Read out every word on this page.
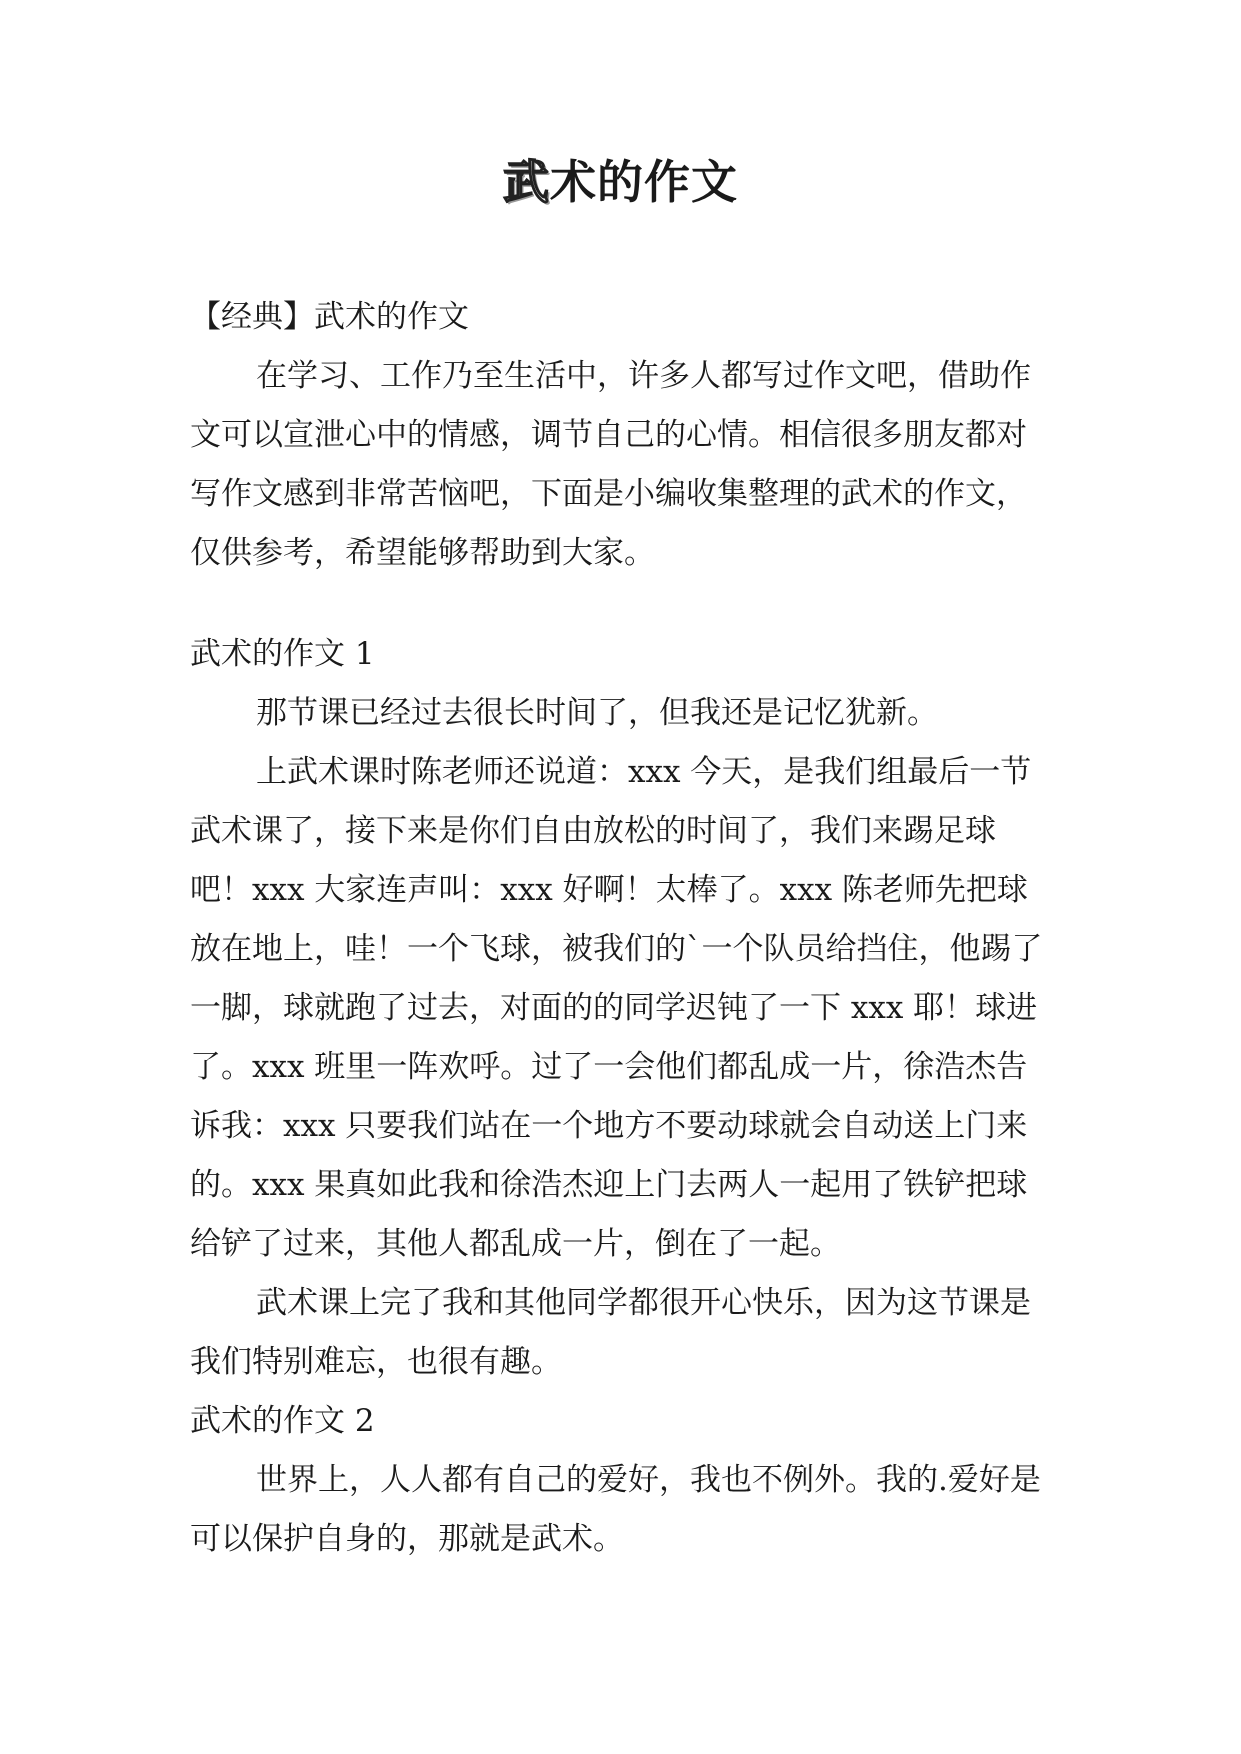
武术的作文

【经典】武术的作文

在学习、工作乃至生活中，许多人都写过作文吧，借助作文可以宣泄心中的情感，调节自己的心情。相信很多朋友都对写作文感到非常苦恼吧，下面是小编收集整理的武术的作文，仅供参考，希望能够帮助到大家。

武术的作文 1

那节课已经过去很长时间了，但我还是记忆犹新。

上武术课时陈老师还说道：xxx 今天，是我们组最后一节武术课了，接下来是你们自由放松的时间了，我们来踢足球吧！xxx 大家连声叫：xxx 好啊！太棒了。xxx 陈老师先把球放在地上，哇！一个飞球，被我们的`一个队员给挡住，他踢了一脚，球就跑了过去，对面的的同学迟钝了一下 xxx 耶！球进了。xxx 班里一阵欢呼。过了一会他们都乱成一片，徐浩杰告诉我：xxx 只要我们站在一个地方不要动球就会自动送上门来的。xxx 果真如此我和徐浩杰迎上门去两人一起用了铁铲把球给铲了过来，其他人都乱成一片，倒在了一起。

武术课上完了我和其他同学都很开心快乐，因为这节课是我们特别难忘，也很有趣。

武术的作文 2

世界上，人人都有自己的爱好，我也不例外。我的.爱好是可以保护自身的，那就是武术。
